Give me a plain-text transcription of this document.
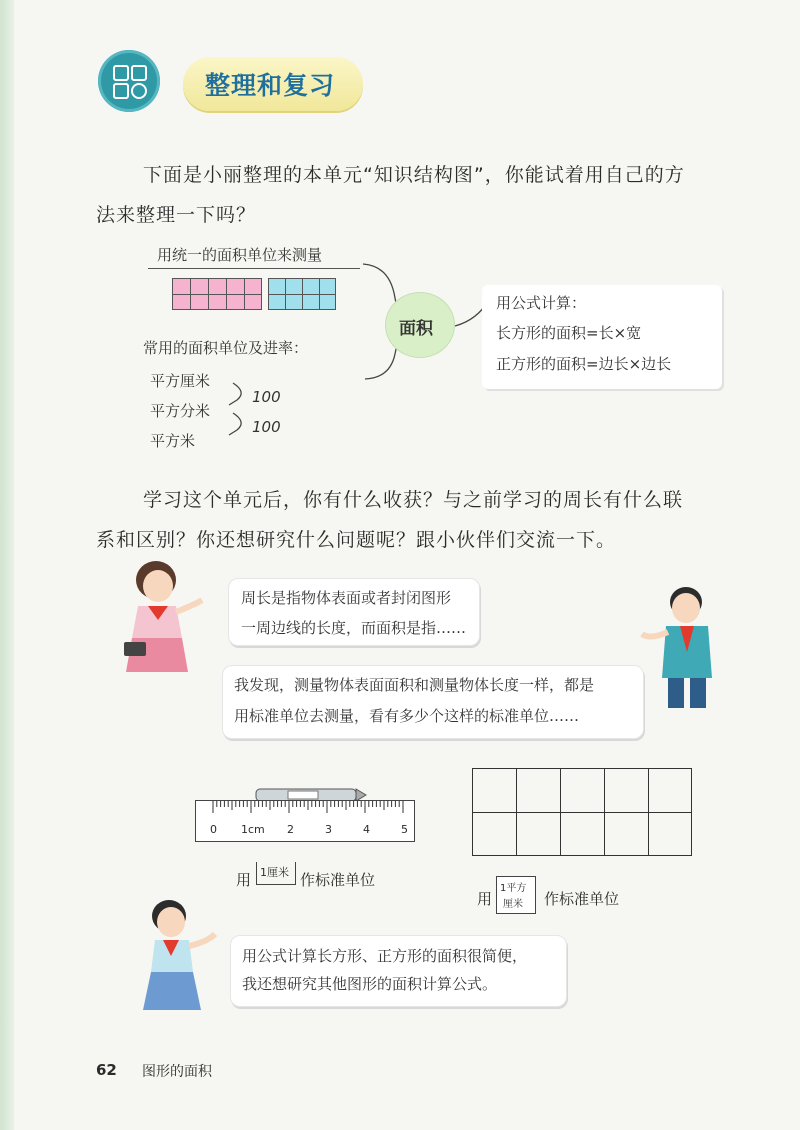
整理和复习
下面是小丽整理的本单元“知识结构图”，你能试着用自己的方
法来整理一下吗？
用统一的面积单位来测量
常用的面积单位及进率：
平方厘米
平方分米
平方米
100
100
面积
用公式计算：
长方形的面积=长×宽
正方形的面积=边长×边长
学习这个单元后，你有什么收获？与之前学习的周长有什么联
系和区别？你还想研究什么问题呢？跟小伙伴们交流一下。
周长是指物体表面或者封闭图形
一周边线的长度，而面积是指……
我发现，测量物体表面面积和测量物体长度一样，都是
用标准单位去测量，看有多少个这样的标准单位……
0 1cm 2	3	4	5
用 1厘米 作标准单位
用
1平方
厘米 作标准单位
用公式计算长方形、正方形的面积很简便，
我还想研究其他图形的面积计算公式。
62 图形的面积
